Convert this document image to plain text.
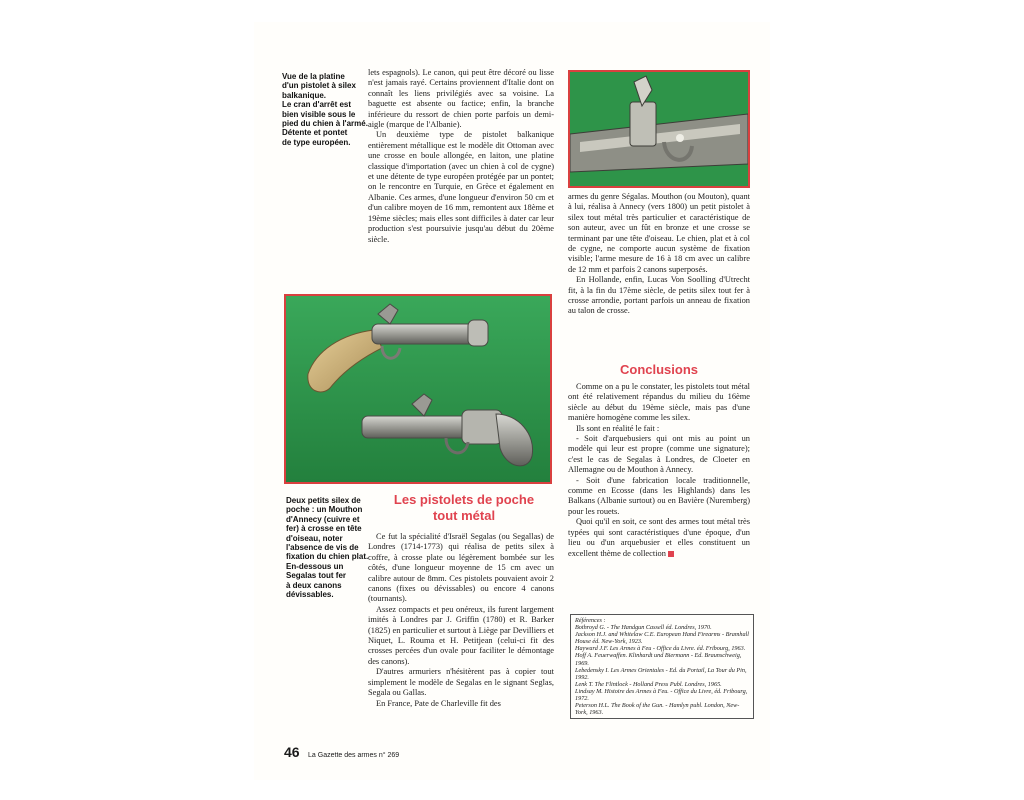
Vue de la platine
d'un pistolet à silex
balkanique.
Le cran d'arrêt est
bien visible sous le
pied du chien à l'armé.
Détente et pontet
de type européen.

lets espagnols). Le canon, qui peut être décoré ou lisse n'est jamais rayé. Certains proviennent d'Italie dont on connaît les liens privilégiés avec sa voisine. La baguette est absente ou factice; enfin, la branche inférieure du ressort de chien porte parfois un demi-aigle (marque de l'Albanie).

Un deuxième type de pistolet balkanique entièrement métallique est le modèle dit Ottoman avec une crosse en boule allongée, en laiton, une platine classique d'importation (avec un chien à col de cygne) et une détente de type européen protégée par un pontet; on le rencontre en Turquie, en Grèce et également en Albanie. Ces armes, d'une longueur d'environ 50 cm et d'un calibre moyen de 16 mm, remontent aux 18ème et 19ème siècles; mais elles sont difficiles à dater car leur production s'est poursuivie jusqu'au début du 20ème siècle.

Deux petits silex de
poche : un Mouthon
d'Annecy (cuivre et
fer) à crosse en tête
d'oiseau, noter
l'absence de vis de
fixation du chien plat.
En-dessous un
Segalas tout fer
à deux canons
dévissables.
Les pistolets de poche
tout métal

Ce fut la spécialité d'Israël Segalas (ou Segallas) de Londres (1714-1773) qui réalisa de petits silex à coffre, à crosse plate ou légèrement bombée sur les côtés, d'une longueur moyenne de 15 cm avec un calibre autour de 8mm. Ces pistolets pouvaient avoir 2 canons (fixes ou dévissables) ou encore 4 canons (tournants).

Assez compacts et peu onéreux, ils furent largement imités à Londres par J. Griffin (1780) et R. Barker (1825) en particulier et surtout à Liège par Devilliers et Niquet, L. Rouma et H. Petitjean (celui-ci fit des crosses percées d'un ovale pour faciliter le démontage des canons).

D'autres armuriers n'hésitèrent pas à copier tout simplement le modèle de Segalas en le signant Seglas, Segala ou Gallas.

En France, Pate de Charleville fit des

armes du genre Ségalas. Mouthon (ou Mouton), quant à lui, réalisa à Annecy (vers 1800) un petit pistolet à silex tout métal très particulier et caractéristique de son auteur, avec un fût en bronze et une crosse se terminant par une tête d'oiseau. Le chien, plat et à col de cygne, ne comporte aucun système de fixation visible; l'arme mesure de 16 à 18 cm avec un calibre de 12 mm et parfois 2 canons superposés.

En Hollande, enfin, Lucas Von Soolling d'Utrecht fit, à la fin du 17ème siècle, de petits silex tout fer à crosse arrondie, portant parfois un anneau de fixation au talon de crosse.

Conclusions

Comme on a pu le constater, les pistolets tout métal ont été relativement répandus du milieu du 16ème siècle au début du 19ème siècle, mais pas d'une manière homogène comme les silex.

Ils sont en réalité le fait :

- Soit d'arquebusiers qui ont mis au point un modèle qui leur est propre (comme une signature); c'est le cas de Segalas à Londres, de Cloeter en Allemagne ou de Mouthon à Annecy.

- Soit d'une fabrication locale traditionnelle, comme en Ecosse (dans les Highlands) dans les Balkans (Albanie surtout) ou en Bavière (Nuremberg) pour les rouets.

Quoi qu'il en soit, ce sont des armes tout métal très typées qui sont caractéristiques d'une époque, d'un lieu ou d'un arquebusier et elles constituent un excellent thème de collection

Références :
Bothroyd G. - The Handgun Cassell éd. Londres, 1970.
Jackson H.J. and Whitelaw C.E. European Hand Firearms - Bramhall House éd. New-York, 1923.
Hayward J.F. Les Armes à Feu - Office du Livre. éd. Fribourg, 1963.
Hoff A. Feuerwaffen. Klinhardt und Biermann - Ed. Braunschweig, 1969.
Lebedensky I. Les Armes Orientales - Ed. du Portail, La Tour du Pin, 1992.
Lenk T. The Flintlock - Holland Press Publ. Londres, 1965.
Lindsay M. Histoire des Armes à Feu. - Office du Livre, éd. Fribourg, 1972.
Peterson H.L. The Book of the Gun. - Hamlyn publ. London, New-York, 1963.
46 La Gazette des armes n° 269
